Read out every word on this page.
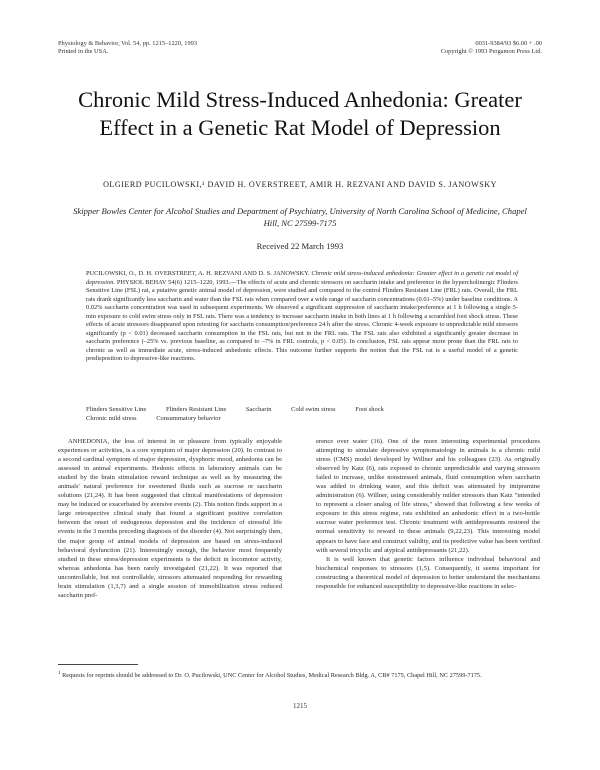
Physiology & Behavior, Vol. 54, pp. 1215–1220, 1993
Printed in the USA.
0031-9384/93 $6.00 + .00
Copyright © 1993 Pergamon Press Ltd.
Chronic Mild Stress-Induced Anhedonia: Greater
Effect in a Genetic Rat Model of Depression
OLGIERD PUCILOWSKI,¹ DAVID H. OVERSTREET, AMIR H. REZVANI AND DAVID S. JANOWSKY
Skipper Bowles Center for Alcohol Studies and Department of Psychiatry, University of North Carolina School of Medicine, Chapel Hill, NC 27599-7175
Received 22 March 1993
PUCILOWSKI, O., D. H. OVERSTREET, A. H. REZVANI AND D. S. JANOWSKY. Chronic mild stress-induced anhedonia: Greater effect in a genetic rat model of depression. PHYSIOL BEHAV 54(6) 1215–1220, 1993.—The effects of acute and chronic stressors on saccharin intake and preference in the hypercholinergic Flinders Sensitive Line (FSL) rat, a putative genetic animal model of depression, were studied and compared to the control Flinders Resistant Line (FRL) rats. Overall, the FRL rats drank significantly less saccharin and water than the FSL rats when compared over a wide range of saccharin concentrations (0.01–5%) under baseline conditions. A 0.02% saccharin concentration was used in subsequent experiments. We observed a significant suppression of saccharin intake/preference at 1 h following a single 5-min exposure to cold swim stress only in FSL rats. There was a tendency to increase saccharin intake in both lines at 1 h following a scrambled foot shock stress. These effects of acute stressors disappeared upon retesting for saccharin consumption/preference 24 h after the stress. Chronic 4-week exposure to unpredictable mild stressors significantly (p < 0.01) decreased saccharin consumption in the FSL rats, but not in the FRL rats. The FSL rats also exhibited a significantly greater decrease in saccharin preference (–25% vs. previous baseline, as compared to –7% in FRL controls, p < 0.05). In conclusion, FSL rats appear more prone than the FRL rats to chronic as well as immediate acute, stress-induced anhedonic effects. This outcome further supports the notion that the FSL rat is a useful model of a genetic predisposition to depressive-like reactions.
Flinders Sensitive Line	Flinders Resistant Line	Saccharin	Cold swim stress	Foot shock
Chronic mild stress	Consummatory behavior

ANHEDONIA, the loss of interest in or pleasure from typically enjoyable experiences or activities, is a core symptom of major depression (20). In contrast to a second cardinal symptom of major depression, dysphoric mood, anhedonia can be assessed in animal experiments. Hedonic effects in laboratory animals can be studied by the brain stimulation reward technique as well as by measuring the animals' natural preference for sweetened fluids such as sucrose or saccharin solutions (21,24). It has been suggested that clinical manifestations of depression may be induced or exacerbated by aversive events (2). This notion finds support in a large retrospective clinical study that found a significant positive correlation between the onset of endogenous depression and the incidence of stressful life events in the 3 months preceding diagnosis of the disorder (4). Not surprisingly then, the major group of animal models of depression are based on stress-induced behavioral dysfunction (21). Interestingly enough, the behavior most frequently studied in these stress/depression experiments is the deficit in locomotor activity, whereas anhedonia has been rarely investigated (21,22). It was reported that uncontrollable, but not controllable, stressors attenuated responding for rewarding brain stimulation (1,3,7) and a single session of immobilization stress reduced saccharin pref-

erence over water (16). One of the more interesting experimental procedures attempting to simulate depressive symptomatology in animals is a chronic mild stress (CMS) model developed by Willner and his colleagues (23). As originally observed by Katz (6), rats exposed to chronic unpredictable and varying stressors failed to increase, unlike nonstressed animals, fluid consumption when saccharin was added to drinking water, and this deficit was attenuated by imipramine administration (6). Willner, using considerably milder stressors than Katz "intended to represent a closer analog of life stress," showed that following a few weeks of exposure to this stress regime, rats exhibited an anhedonic effect in a two-bottle sucrose water preference test. Chronic treatment with antidepressants restored the normal sensitivity to reward in these animals (9,22,23). This interesting model appears to have face and construct validity, and its predictive value has been verified with several tricyclic and atypical antidepressants (21,22).

It is well known that genetic factors influence individual behavioral and biochemical responses to stressors (1,5). Consequently, it seems important for constructing a theoretical model of depression to better understand the mechanisms responsible for enhanced susceptibility to depressive-like reactions in selec-

$^1$ Requests for reprints should be addressed to Dr. O. Pucilowski, UNC Center for Alcohol Studies, Medical Research Bldg. A, CB# 7175, Chapel Hill, NC 27599-7175.
1215
